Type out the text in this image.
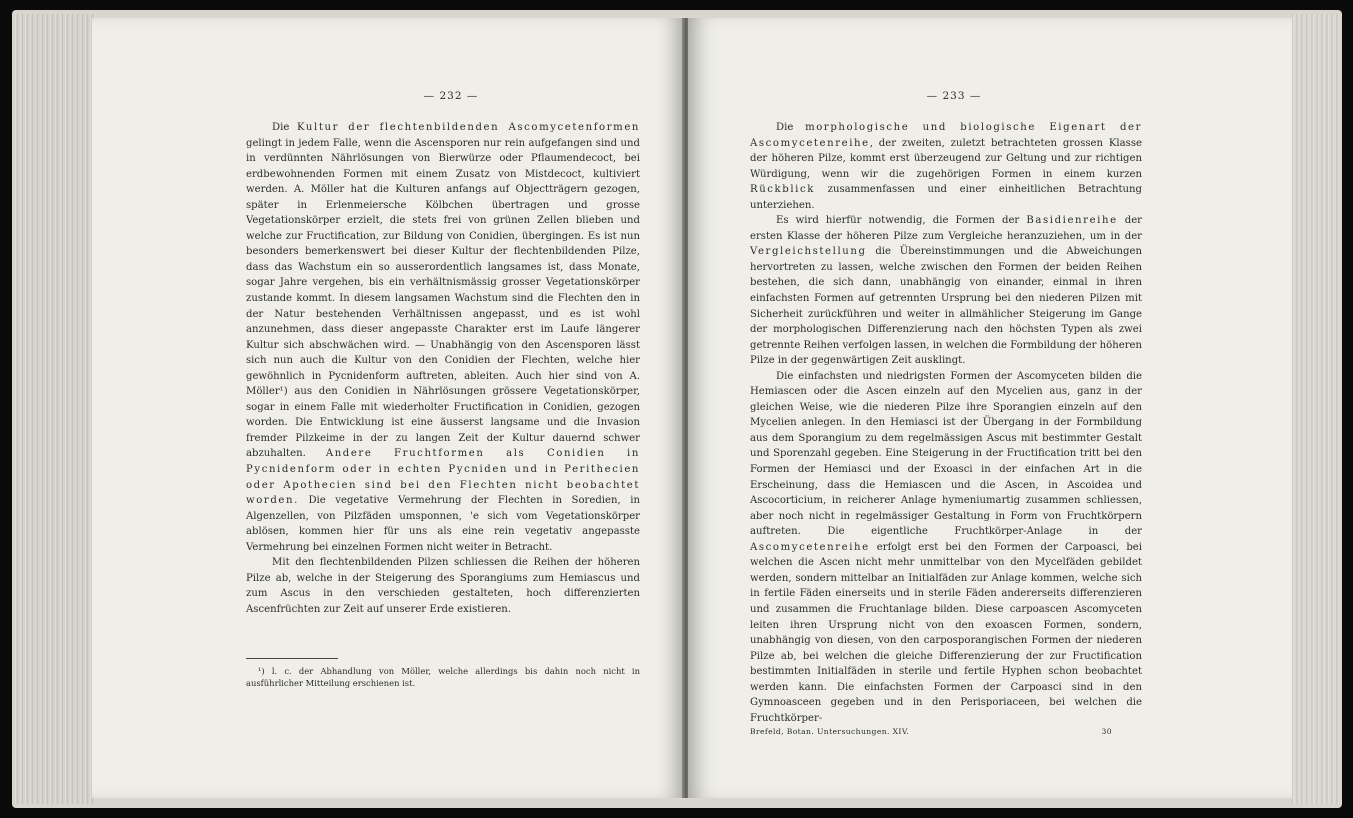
— 232 —

Die Kultur der flechtenbildenden Ascomycetenformen gelingt in jedem Falle, wenn die Ascensporen nur rein aufgefangen sind und in verdünnten Nährlösungen von Bierwürze oder Pflaumendecoct, bei erdbewohnenden Formen mit einem Zusatz von Mistdecoct, kultiviert werden. A. Möller hat die Kulturen anfangs auf Objectträgern gezogen, später in Erlenmeiersche Kölbchen übertragen und grosse Vegetationskörper erzielt, die stets frei von grünen Zellen blieben und welche zur Fructification, zur Bildung von Conidien, übergingen. Es ist nun besonders bemerkenswert bei dieser Kultur der flechtenbildenden Pilze, dass das Wachstum ein so ausserordentlich langsames ist, dass Monate, sogar Jahre vergehen, bis ein verhältnismässig grosser Vegetationskörper zustande kommt. In diesem langsamen Wachstum sind die Flechten den in der Natur bestehenden Verhältnissen angepasst, und es ist wohl anzunehmen, dass dieser angepasste Charakter erst im Laufe längerer Kultur sich abschwächen wird. — Unabhängig von den Ascensporen lässt sich nun auch die Kultur von den Conidien der Flechten, welche hier gewöhnlich in Pycnidenform auftreten, ableiten. Auch hier sind von A. Möller¹) aus den Conidien in Nährlösungen grössere Vegetationskörper, sogar in einem Falle mit wiederholter Fructification in Conidien, gezogen worden. Die Entwicklung ist eine äusserst langsame und die Invasion fremder Pilzkeime in der zu langen Zeit der Kultur dauernd schwer abzuhalten. Andere Fruchtformen als Conidien in Pycnidenform oder in echten Pycniden und in Perithecien oder Apothecien sind bei den Flechten nicht beobachtet worden. Die vegetative Vermehrung der Flechten in Soredien, in Algenzellen, von Pilzfäden umsponnen, 'e sich vom Vegetationskörper ablösen, kommen hier für uns als eine rein vegetativ angepasste Vermehrung bei einzelnen Formen nicht weiter in Betracht.

Mit den flechtenbildenden Pilzen schliessen die Reihen der höheren Pilze ab, welche in der Steigerung des Sporangiums zum Hemiascus und zum Ascus in den verschieden gestalteten, hoch differenzierten Ascenfrüchten zur Zeit auf unserer Erde existieren.

¹) l. c. der Abhandlung von Möller, welche allerdings bis dahin noch nicht in ausführlicher Mitteilung erschienen ist.
— 233 —

Die morphologische und biologische Eigenart der Ascomycetenreihe, der zweiten, zuletzt betrachteten grossen Klasse der höheren Pilze, kommt erst überzeugend zur Geltung und zur richtigen Würdigung, wenn wir die zugehörigen Formen in einem kurzen Rückblick zusammenfassen und einer einheitlichen Betrachtung unterziehen.

Es wird hierfür notwendig, die Formen der Basidienreihe der ersten Klasse der höheren Pilze zum Vergleiche heranzuziehen, um in der Vergleichstellung die Übereinstimmungen und die Abweichungen hervortreten zu lassen, welche zwischen den Formen der beiden Reihen bestehen, die sich dann, unabhängig von einander, einmal in ihren einfachsten Formen auf getrennten Ursprung bei den niederen Pilzen mit Sicherheit zurückführen und weiter in allmählicher Steigerung im Gange der morphologischen Differenzierung nach den höchsten Typen als zwei getrennte Reihen verfolgen lassen, in welchen die Formbildung der höheren Pilze in der gegenwärtigen Zeit ausklingt.

Die einfachsten und niedrigsten Formen der Ascomyceten bilden die Hemiascen oder die Ascen einzeln auf den Mycelien aus, ganz in der gleichen Weise, wie die niederen Pilze ihre Sporangien einzeln auf den Mycelien anlegen. In den Hemiasci ist der Übergang in der Formbildung aus dem Sporangium zu dem regelmässigen Ascus mit bestimmter Gestalt und Sporenzahl gegeben. Eine Steigerung in der Fructification tritt bei den Formen der Hemiasci und der Exoasci in der einfachen Art in die Erscheinung, dass die Hemiascen und die Ascen, in Ascoidea und Ascocorticium, in reicherer Anlage hymeniumartig zusammen schliessen, aber noch nicht in regelmässiger Gestaltung in Form von Fruchtkörpern auftreten. Die eigentliche Fruchtkörper-Anlage in der Ascomycetenreihe erfolgt erst bei den Formen der Carpoasci, bei welchen die Ascen nicht mehr unmittelbar von den Mycelfäden gebildet werden, sondern mittelbar an Initialfäden zur Anlage kommen, welche sich in fertile Fäden einerseits und in sterile Fäden andererseits differenzieren und zusammen die Fruchtanlage bilden. Diese carpoascen Ascomyceten leiten ihren Ursprung nicht von den exoascen Formen, sondern, unabhängig von diesen, von den carposporangischen Formen der niederen Pilze ab, bei welchen die gleiche Differenzierung der zur Fructification bestimmten Initialfäden in sterile und fertile Hyphen schon beobachtet werden kann. Die einfachsten Formen der Carpoasci sind in den Gymnoasceen gegeben und in den Perisporiaceen, bei welchen die Fruchtkörper-

Brefeld, Botan. Untersuchungen. XIV.	30
